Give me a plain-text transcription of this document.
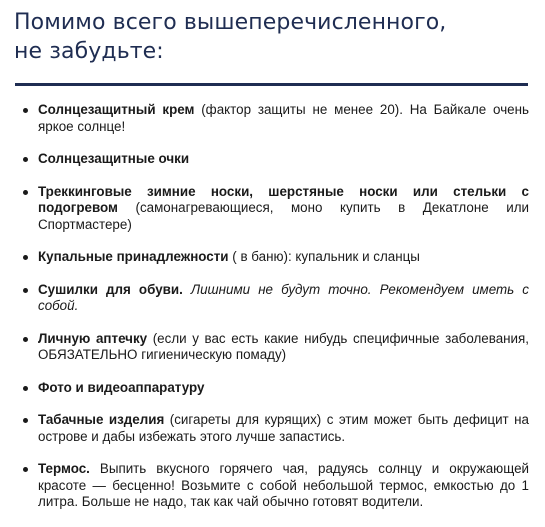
Помимо всего вышеперечисленного,
не забудьте:
Солнцезащитный крем (фактор защиты не менее 20). На Байкале очень яркое солнце!
Солнцезащитные очки
Треккинговые зимние носки, шерстяные носки или стельки с подогревом (самонагревающиеся, моно купить в Декатлоне или Спортмастере)
Купальные принадлежности ( в баню): купальник и сланцы
Сушилки для обуви. Лишними не будут точно. Рекомендуем иметь с собой.
Личную аптечку (если у вас есть какие нибудь специфичные заболевания, ОБЯЗАТЕЛЬНО гигиеническую помаду)
Фото и видеоаппаратуру
Табачные изделия (сигареты для курящих) с этим может быть дефицит на острове и дабы избежать этого лучше запастись.
Термос. Выпить вкусного горячего чая, радуясь солнцу и окружающей красоте — бесценно! Возьмите с собой небольшой термос, емкостью до 1 литра. Больше не надо, так как чай обычно готовят водители.
